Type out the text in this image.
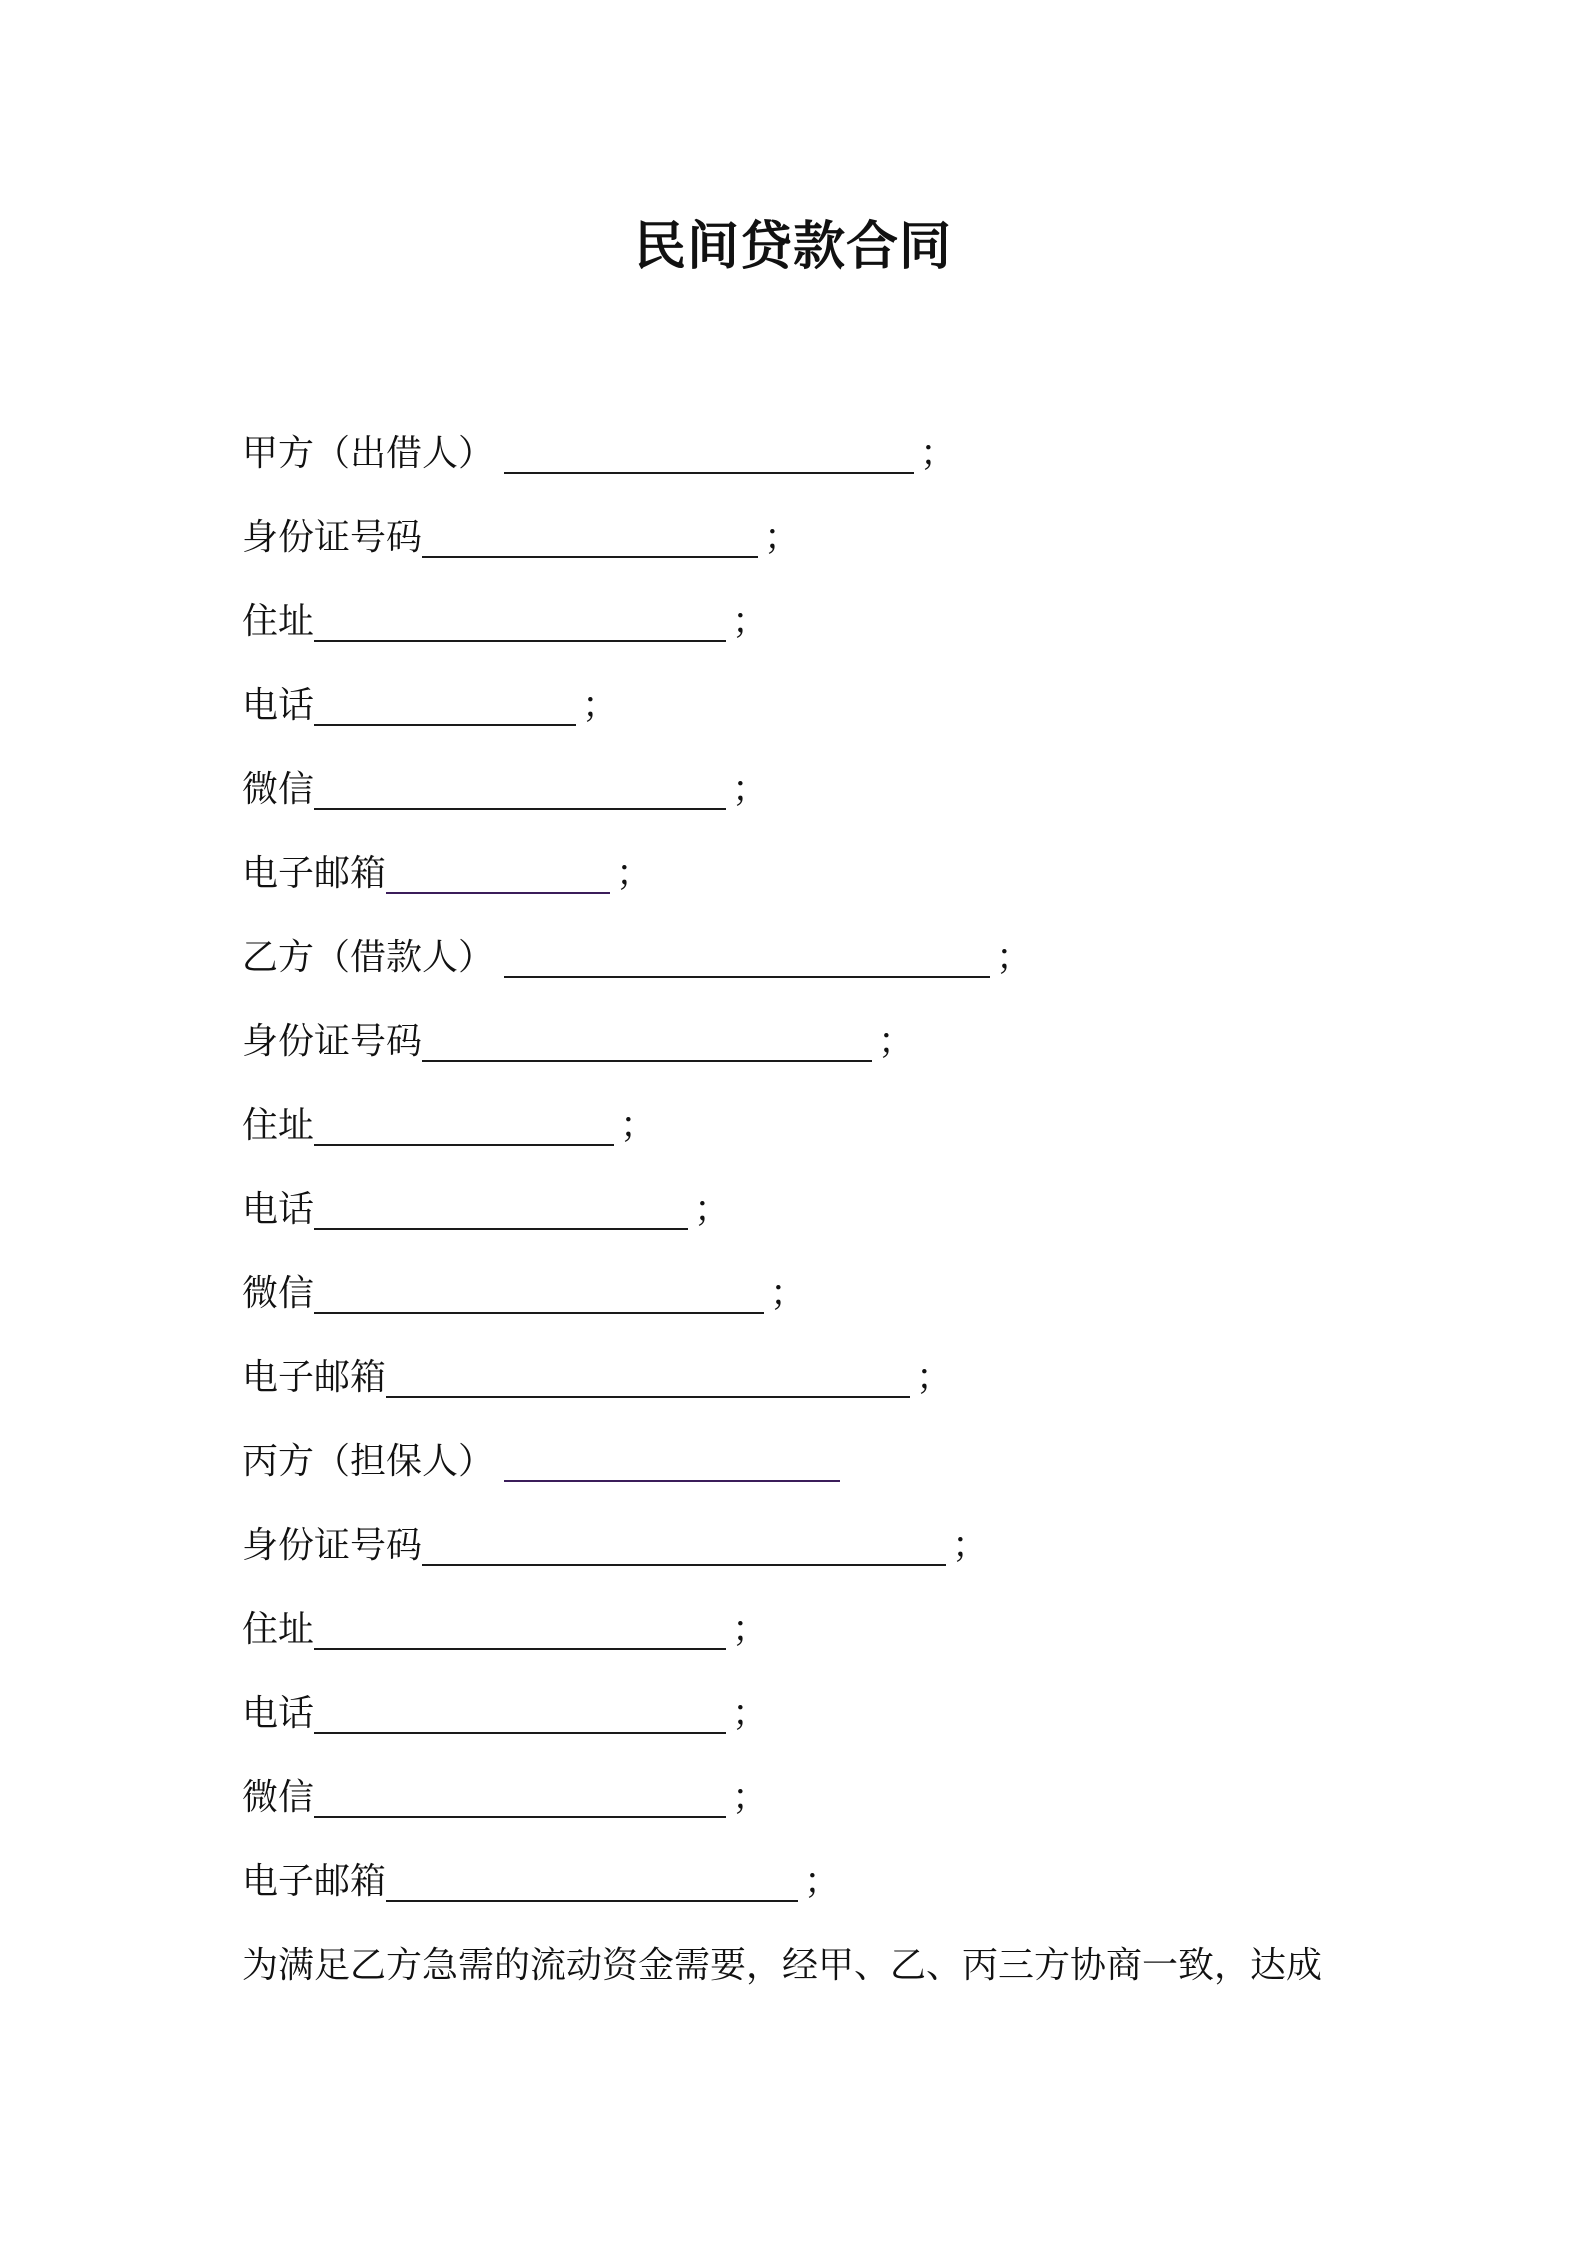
民间贷款合同
甲方（出借人）	；
身份证号码	；
住址	；
电话	；
微信	；
电子邮箱	；
乙方（借款人）	；
身份证号码	；
住址	；
电话	；
微信	；
电子邮箱	；
丙方（担保人）
身份证号码	；
住址	；
电话	；
微信	；
电子邮箱	；
为满足乙方急需的流动资金需要，经甲、乙、丙三方协商一致，达成
